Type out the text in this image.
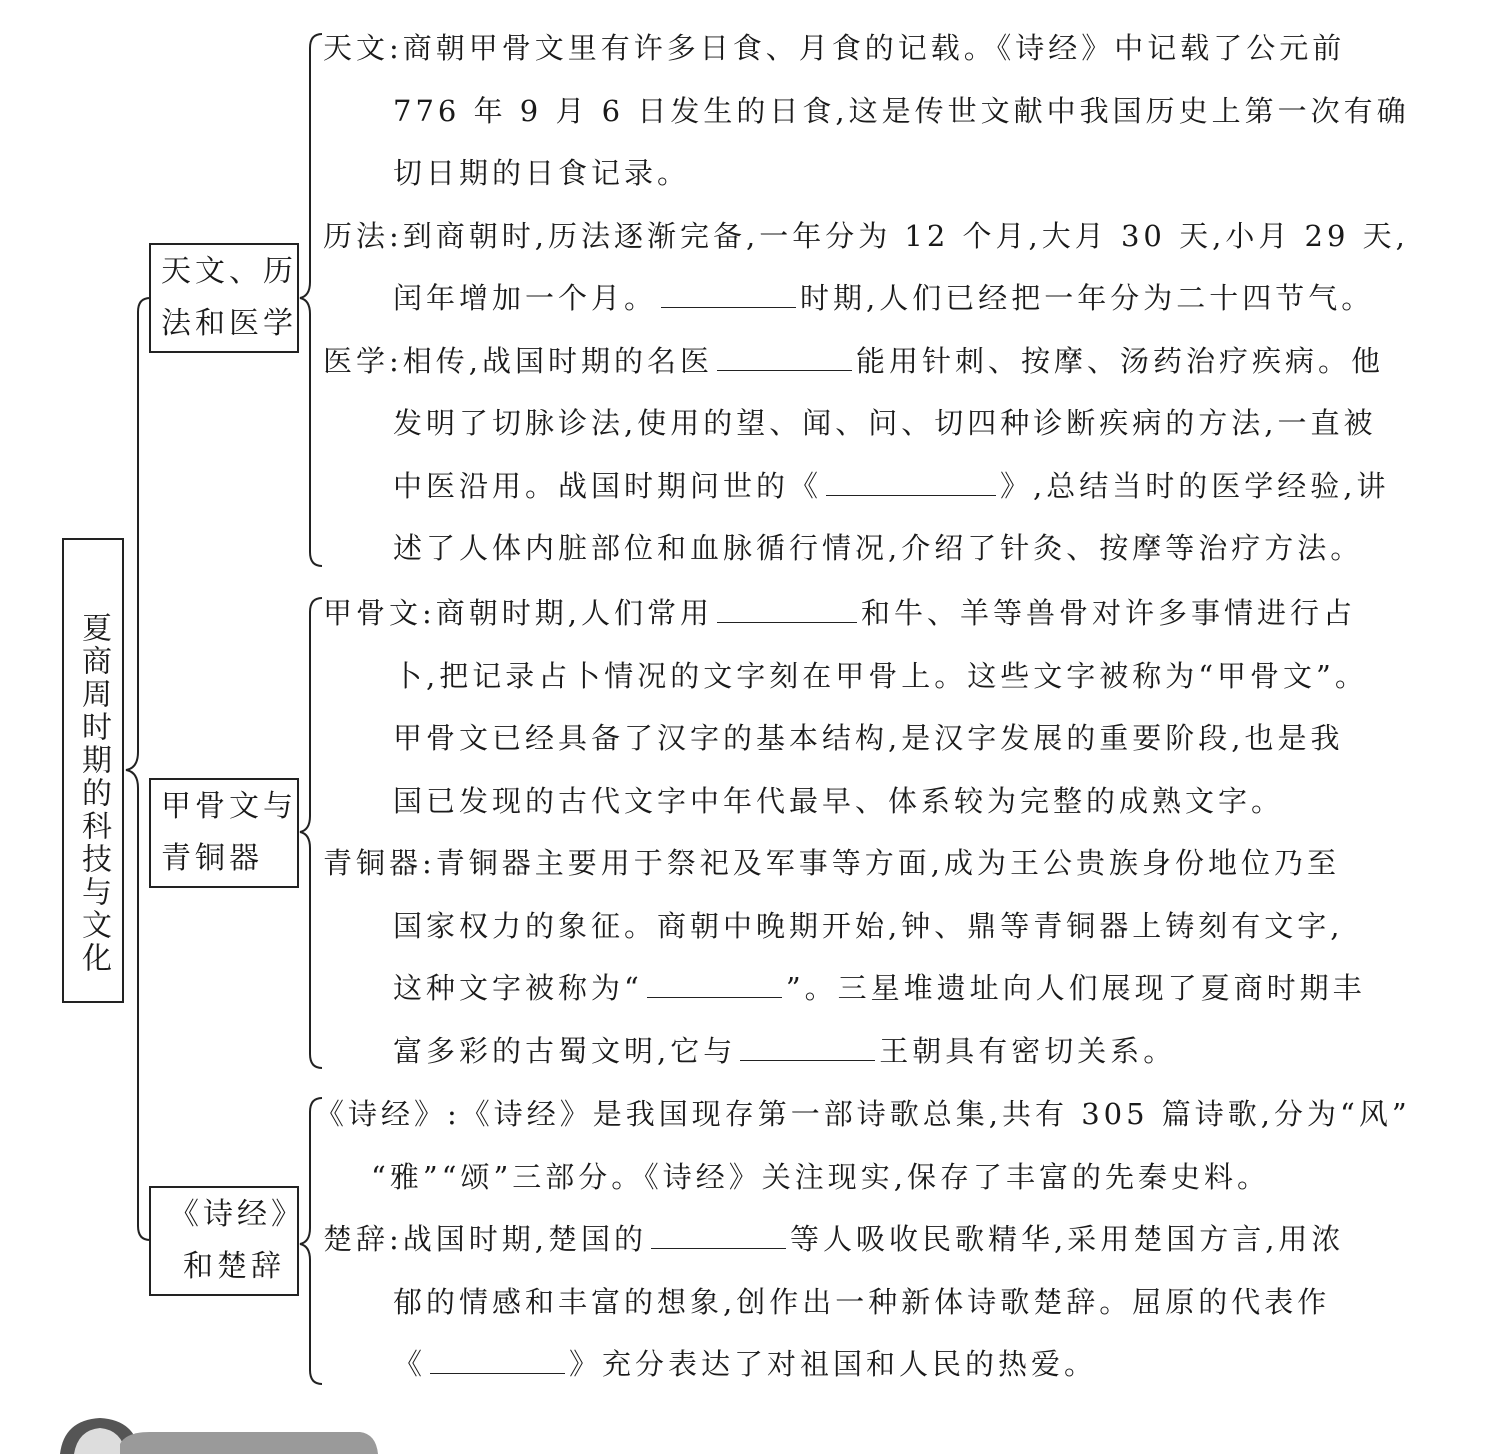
夏商周时期的科技与文化
天文、历
法和医学
甲骨文与
青铜器
《诗经》
和楚辞
天文:商朝甲骨文里有许多日食、月食的记载。《诗经》中记载了公元前
776 年 9 月 6 日发生的日食,这是传世文献中我国历史上第一次有确
切日期的日食记录。
历法:到商朝时,历法逐渐完备,一年分为 12 个月,大月 30 天,小月 29 天,
闰年增加一个月。	时期,人们已经把一年分为二十四节气。
医学:相传,战国时期的名医	能用针刺、按摩、汤药治疗疾病。他
发明了切脉诊法,使用的望、闻、问、切四种诊断疾病的方法,一直被
中医沿用。战国时期问世的《	》,总结当时的医学经验,讲
述了人体内脏部位和血脉循行情况,介绍了针灸、按摩等治疗方法。
甲骨文:商朝时期,人们常用	和牛、羊等兽骨对许多事情进行占
卜,把记录占卜情况的文字刻在甲骨上。这些文字被称为“甲骨文”。
甲骨文已经具备了汉字的基本结构,是汉字发展的重要阶段,也是我
国已发现的古代文字中年代最早、体系较为完整的成熟文字。
青铜器:青铜器主要用于祭祀及军事等方面,成为王公贵族身份地位乃至
国家权力的象征。商朝中晚期开始,钟、鼎等青铜器上铸刻有文字,
这种文字被称为“	”。三星堆遗址向人们展现了夏商时期丰
富多彩的古蜀文明,它与	王朝具有密切关系。
《诗经》:《诗经》是我国现存第一部诗歌总集,共有 305 篇诗歌,分为“风”
“雅”“颂”三部分。《诗经》关注现实,保存了丰富的先秦史料。
楚辞:战国时期,楚国的	等人吸收民歌精华,采用楚国方言,用浓
郁的情感和丰富的想象,创作出一种新体诗歌楚辞。屈原的代表作
《	》充分表达了对祖国和人民的热爱。
